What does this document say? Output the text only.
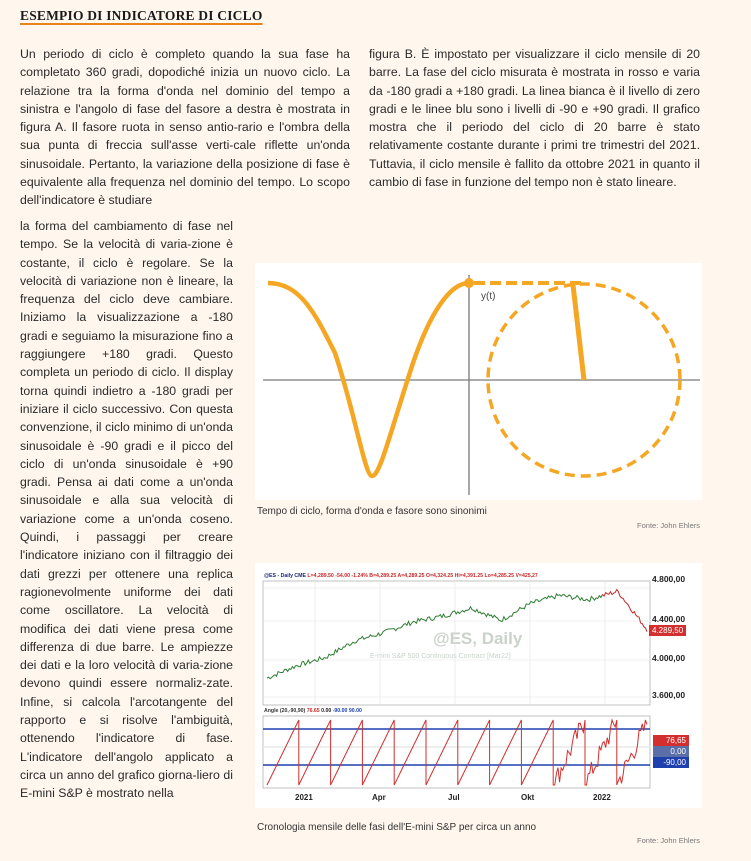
ESEMPIO DI INDICATORE DI CICLO

Un periodo di ciclo è completo quando la sua fase ha completato 360 gradi, dopodiché inizia un nuovo ciclo. La relazione tra la forma d'onda nel dominio del tempo a sinistra e l'angolo di fase del fasore a destra è mostrata in figura A. Il fasore ruota in senso antio-rario e l'ombra della sua punta di freccia sull'asse verti-cale riflette un'onda sinusoidale. Pertanto, la variazione della posizione di fase è equivalente alla frequenza nel dominio del tempo. Lo scopo dell'indicatore è studiare

la forma del cambiamento di fase nel tempo. Se la velocità di varia-zione è costante, il ciclo è regolare. Se la velocità di variazione non è lineare, la frequenza del ciclo deve cambiare. Iniziamo la visualizzazione a -180 gradi e seguiamo la misurazione fino a raggiungere +180 gradi. Questo completa un periodo di ciclo. Il display torna quindi indietro a -180 gradi per iniziare il ciclo successivo. Con questa convenzione, il ciclo minimo di un'onda sinusoidale è -90 gradi e il picco del ciclo di un'onda sinusoidale è +90 gradi. Pensa ai dati come a un'onda sinusoidale e alla sua velocità di variazione come a un'onda coseno. Quindi, i passaggi per creare l'indicatore iniziano con il filtraggio dei dati grezzi per ottenere una replica ragionevolmente uniforme dei dati come oscillatore. La velocità di modifica dei dati viene presa come differenza di due barre. Le ampiezze dei dati e la loro velocità di varia-zione devono quindi essere normaliz-zate. Infine, si calcola l'arcotangente del rapporto e si risolve l'ambiguità, ottenendo l'indicatore di fase. L'indicatore dell'angolo applicato a circa un anno del grafico giorna-liero di E-mini S&P è mostrato nella

figura B. È impostato per visualizzare il ciclo mensile di 20 barre. La fase del ciclo misurata è mostrata in rosso e varia da -180 gradi a +180 gradi. La linea bianca è il livello di zero gradi e le linee blu sono i livelli di -90 e +90 gradi. Il grafico mostra che il periodo del ciclo di 20 barre è stato relativamente costante durante i primi tre trimestri del 2021. Tuttavia, il ciclo mensile è fallito da ottobre 2021 in quanto il cambio di fase in funzione del tempo non è stato lineare.

y(t)
Tempo di ciclo, forma d'onda e fasore sono sinonimi
Fonte: John Ehlers
@ES - Daily CME L=4,289.50 -54.00 -1.24% B=4,289.25 A=4,289.25 O=4,324.25 Hi=4,391.25 Lo=4,285.25 V=425,27
@ES, Daily
E-mini S&P 500 Continuous Contract [Mar22]
Angle (20,-90,90) 76.65 0.00 -90.00 90.00
4.800,00
4.400,00
4.289,50
4.000,00
3.600,00
76,65
0,00
-90,00
2021	Apr	Jul	Okt	2022
Cronologia mensile delle fasi dell'E-mini S&P per circa un anno
Fonte: John Ehlers
